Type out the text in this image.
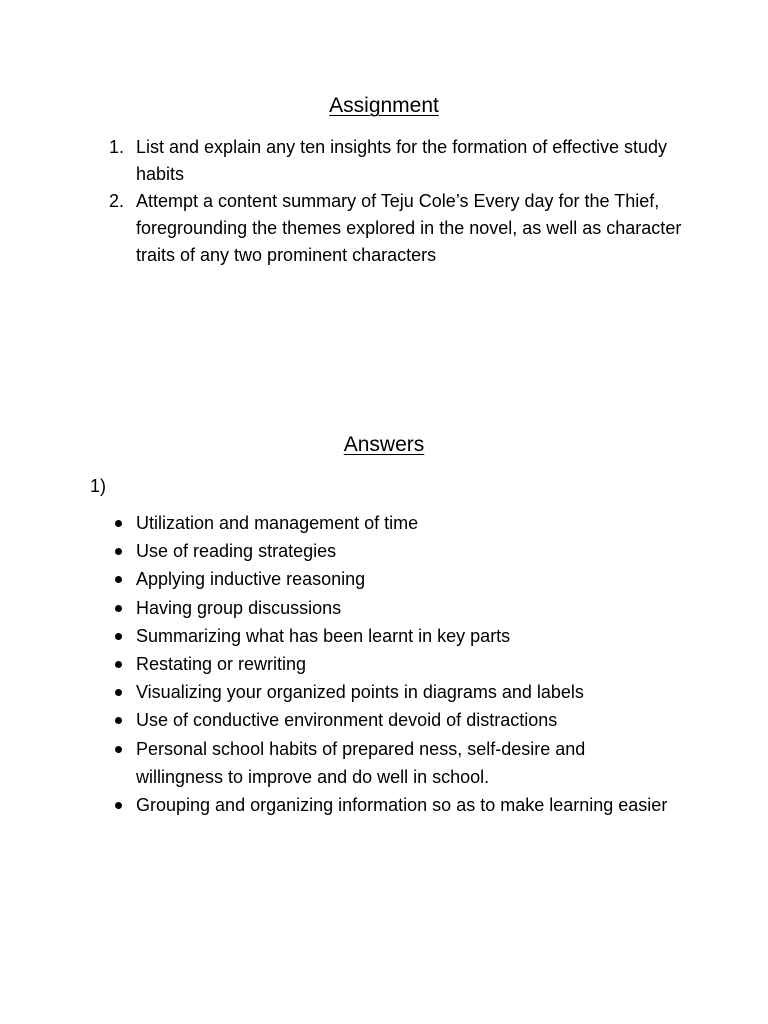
Assignment
1. List and explain any ten insights for the formation of effective study habits
2. Attempt a content summary of Teju Cole’s Every day for the Thief, foregrounding the themes explored in the novel, as well as character traits of any two prominent characters
Answers
1)
Utilization and management of time
Use of reading strategies
Applying inductive reasoning
Having group discussions
Summarizing what has been learnt in key parts
Restating or rewriting
Visualizing your organized points in diagrams and labels
Use of conductive environment devoid of distractions
Personal school habits of prepared ness, self-desire and willingness to improve and do well in school.
Grouping and organizing information so as to make learning easier
